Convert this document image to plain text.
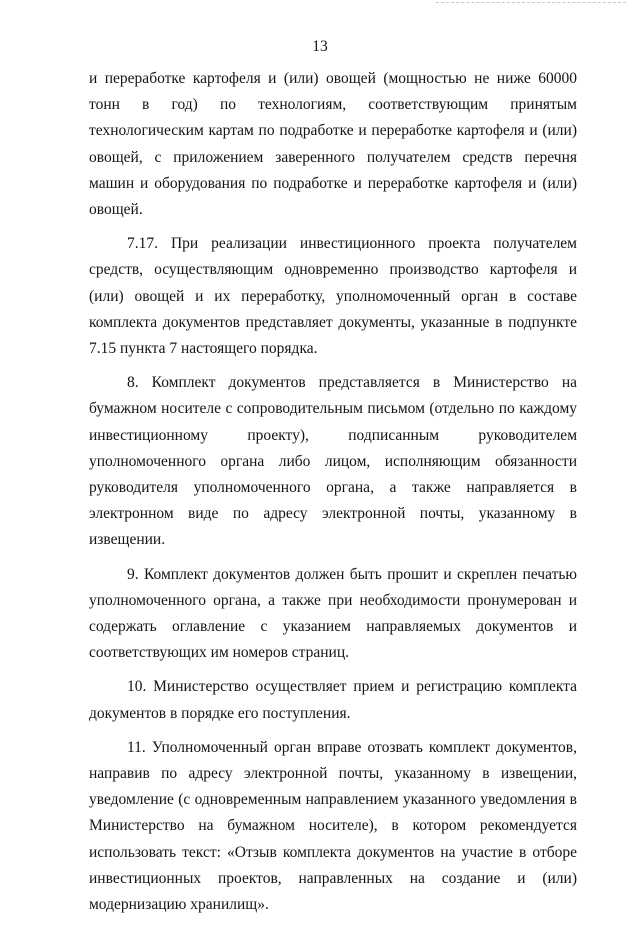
13

и переработке картофеля и (или) овощей (мощностью не ниже 60000 тонн в год) по технологиям, соответствующим принятым технологическим картам по подработке и переработке картофеля и (или) овощей, с приложением заверенного получателем средств перечня машин и оборудования по подработке и переработке картофеля и (или) овощей.

7.17. При реализации инвестиционного проекта получателем средств, осуществляющим одновременно производство картофеля и (или) овощей и их переработку, уполномоченный орган в составе комплекта документов представляет документы, указанные в подпункте 7.15 пункта 7 настоящего порядка.

8. Комплект документов представляется в Министерство на бумажном носителе с сопроводительным письмом (отдельно по каждому инвестиционному проекту), подписанным руководителем уполномоченного органа либо лицом, исполняющим обязанности руководителя уполномоченного органа, а также направляется в электронном виде по адресу электронной почты, указанному в извещении.

9. Комплект документов должен быть прошит и скреплен печатью уполномоченного органа, а также при необходимости пронумерован и содержать оглавление с указанием направляемых документов и соответствующих им номеров страниц.

10. Министерство осуществляет прием и регистрацию комплекта документов в порядке его поступления.

11. Уполномоченный орган вправе отозвать комплект документов, направив по адресу электронной почты, указанному в извещении, уведомление (с одновременным направлением указанного уведомления в Министерство на бумажном носителе), в котором рекомендуется использовать текст: «Отзыв комплекта документов на участие в отборе инвестиционных проектов, направленных на создание и (или) модернизацию хранилищ».
